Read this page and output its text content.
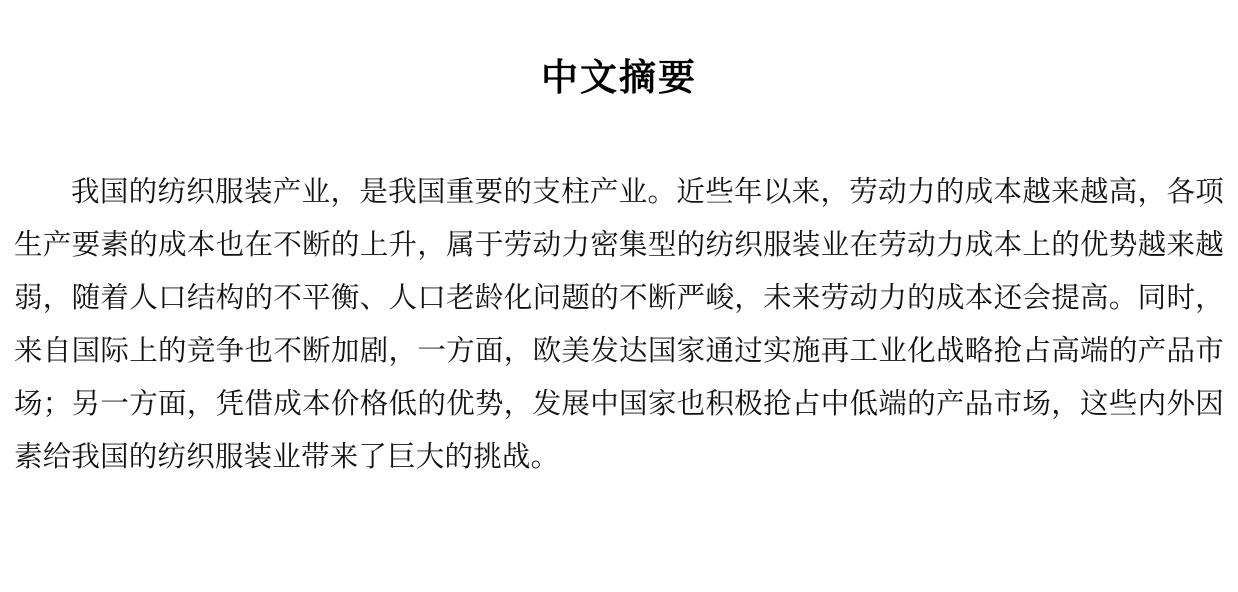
中文摘要

我国的纺织服装产业，是我国重要的支柱产业。近些年以来，劳动力的成本越来越高，各项生产要素的成本也在不断的上升，属于劳动力密集型的纺织服装业在劳动力成本上的优势越来越弱，随着人口结构的不平衡、人口老龄化问题的不断严峻，未来劳动力的成本还会提高。同时，来自国际上的竞争也不断加剧，一方面，欧美发达国家通过实施再工业化战略抢占高端的产品市场；另一方面，凭借成本价格低的优势，发展中国家也积极抢占中低端的产品市场，这些内外因素给我国的纺织服装业带来了巨大的挑战。
